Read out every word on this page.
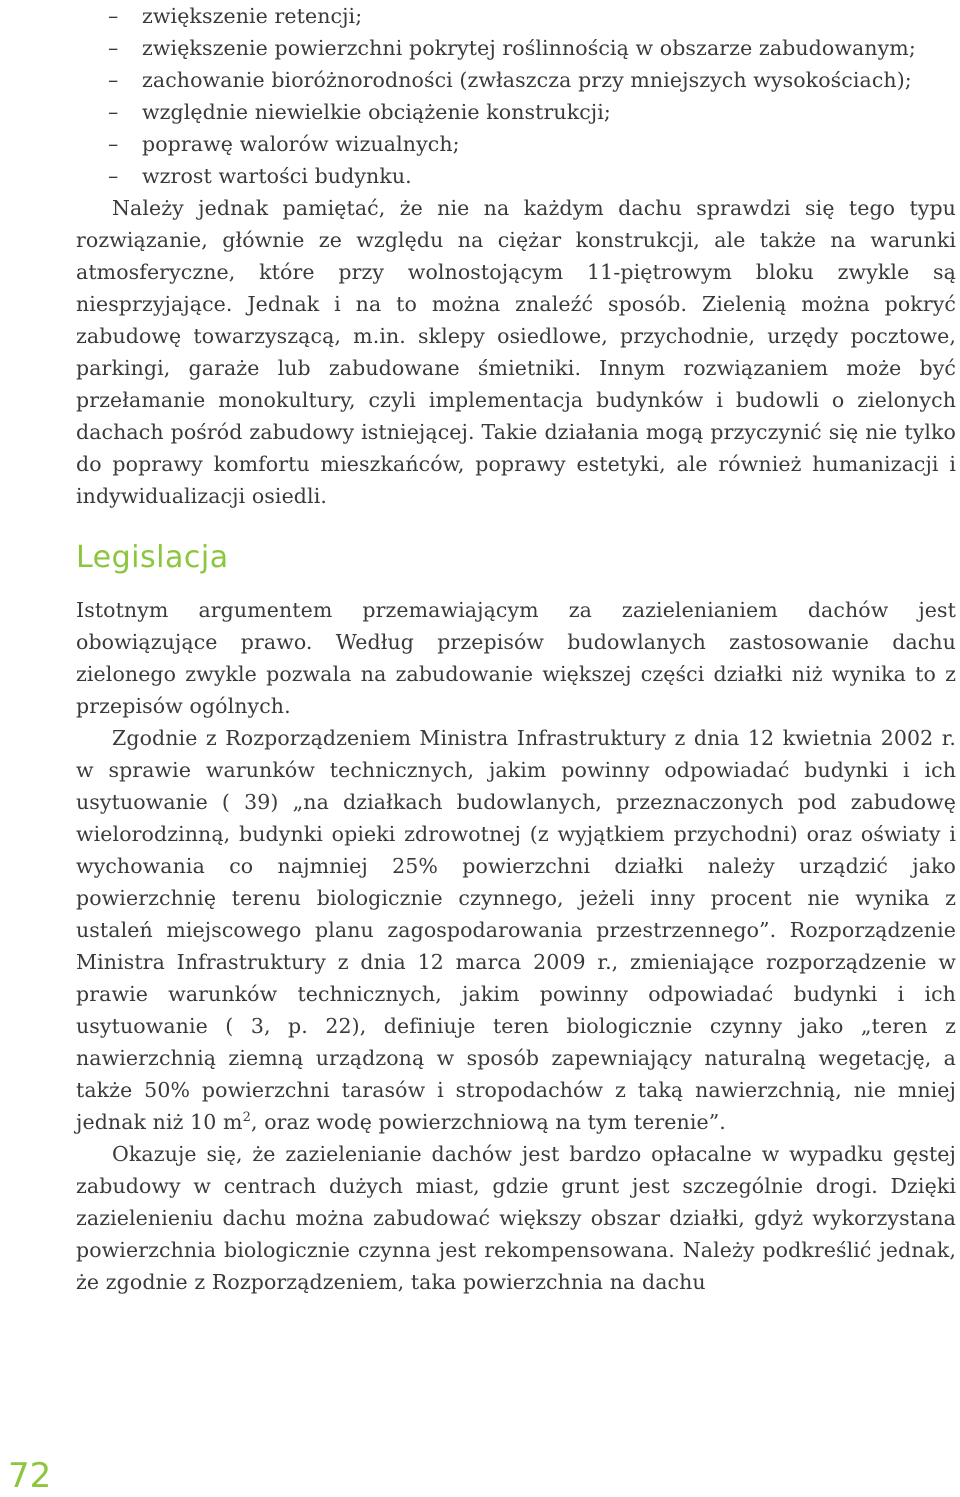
– zwiększenie retencji;
– zwiększenie powierzchni pokrytej roślinnością w obszarze zabudowanym;
– zachowanie bioróżnorodności (zwłaszcza przy mniejszych wysokościach);
– względnie niewielkie obciążenie konstrukcji;
– poprawę walorów wizualnych;
– wzrost wartości budynku.

Należy jednak pamiętać, że nie na każdym dachu sprawdzi się tego typu rozwiązanie, głównie ze względu na ciężar konstrukcji, ale także na warunki atmosferyczne, które przy wolnostojącym 11-piętrowym bloku zwykle są niesprzyjające. Jednak i na to można znaleźć sposób. Zielenią można pokryć zabudowę towarzyszącą, m.in. sklepy osiedlowe, przychodnie, urzędy pocztowe, parkingi, garaże lub zabudowane śmietniki. Innym rozwiązaniem może być przełamanie monokultury, czyli implementacja budynków i budowli o zielonych dachach pośród zabudowy istniejącej. Takie działania mogą przyczynić się nie tylko do poprawy komfortu mieszkańców, poprawy estetyki, ale również humanizacji i indywidualizacji osiedli.

Legislacja

Istotnym argumentem przemawiającym za zazielenianiem dachów jest obowiązujące prawo. Według przepisów budowlanych zastosowanie dachu zielonego zwykle pozwala na zabudowanie większej części działki niż wynika to z przepisów ogólnych.

Zgodnie z Rozporządzeniem Ministra Infrastruktury z dnia 12 kwietnia 2002 r. w sprawie warunków technicznych, jakim powinny odpowiadać budynki i ich usytuowanie ( 39) „na działkach budowlanych, przeznaczonych pod zabudowę wielorodzinną, budynki opieki zdrowotnej (z wyjątkiem przychodni) oraz oświaty i wychowania co najmniej 25% powierzchni działki należy urządzić jako powierzchnię terenu biologicznie czynnego, jeżeli inny procent nie wynika z ustaleń miejscowego planu zagospodarowania przestrzennego”. Rozporządzenie Ministra Infrastruktury z dnia 12 marca 2009 r., zmieniające rozporządzenie w prawie warunków technicznych, jakim powinny odpowiadać budynki i ich usytuowanie ( 3, p. 22), definiuje teren biologicznie czynny jako „teren z nawierzchnią ziemną urządzoną w sposób zapewniający naturalną wegetację, a także 50% powierzchni tarasów i stropodachów z taką nawierzchnią, nie mniej jednak niż 10 $m^2$, oraz wodę powierzchniową na tym terenie”.

Okazuje się, że zazielenianie dachów jest bardzo opłacalne w wypadku gęstej zabudowy w centrach dużych miast, gdzie grunt jest szczególnie drogi. Dzięki zazielenieniu dachu można zabudować większy obszar działki, gdyż wykorzystana powierzchnia biologicznie czynna jest rekompensowana. Należy podkreślić jednak, że zgodnie z Rozporządzeniem, taka powierzchnia na dachu

72
